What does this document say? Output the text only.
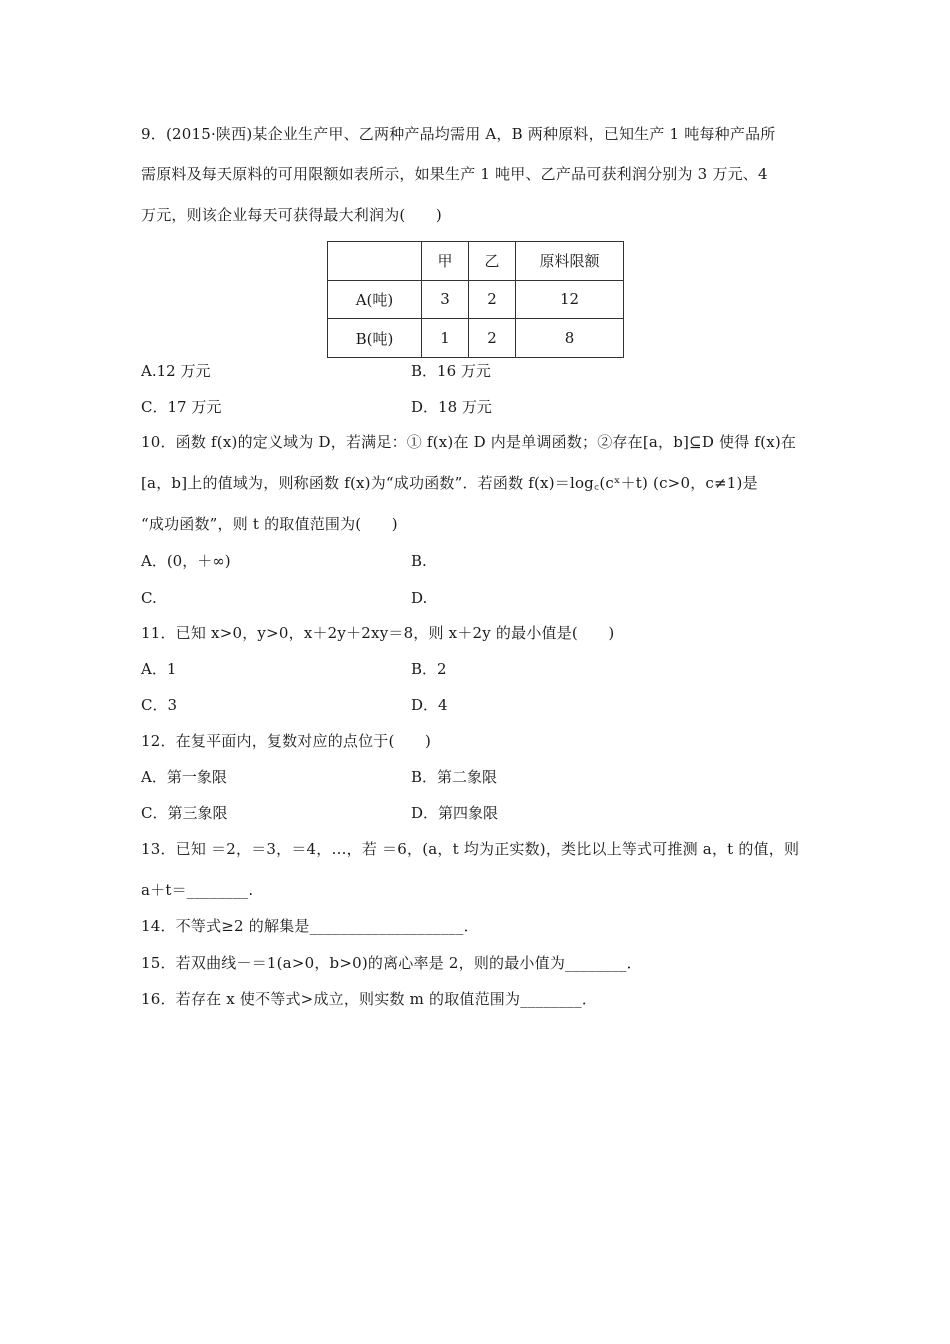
9．(2015·陕西)某企业生产甲、乙两种产品均需用 A，B 两种原料，已知生产 1 吨每种产品所
需原料及每天原料的可用限额如表所示，如果生产 1 吨甲、乙产品可获利润分别为 3 万元、4
万元，则该企业每天可获得最大利润为(　　)
	甲	乙	原料限额
A(吨)	3	2	12
B(吨)	1	2	8
A.12 万元	B．16 万元
C．17 万元	D．18 万元
10．函数 f(x)的定义域为 D，若满足：① f(x)在 D 内是单调函数；②存在[a，b]⊆D 使得 f(x)在
[a，b]上的值域为，则称函数 f(x)为“成功函数”．若函数 f(x)＝log꜀(cˣ＋t) (c>0，c≠1)是
“成功函数”，则 t 的取值范围为(　　)
A．(0，＋∞)	B.
C.	D.
11．已知 x>0，y>0，x＋2y＋2xy＝8，则 x＋2y 的最小值是(　　)
A．1	B．2
C．3	D．4
12．在复平面内，复数对应的点位于(　　)
A．第一象限	B．第二象限
C．第三象限	D．第四象限
13．已知 ＝2，＝3，＝4，…，若 ＝6，(a，t 均为正实数)，类比以上等式可推测 a，t 的值，则
a＋t＝________.
14．不等式≥2 的解集是____________________．
15．若双曲线－＝1(a>0，b>0)的离心率是 2，则的最小值为________．
16．若存在 x 使不等式>成立，则实数 m 的取值范围为________．
